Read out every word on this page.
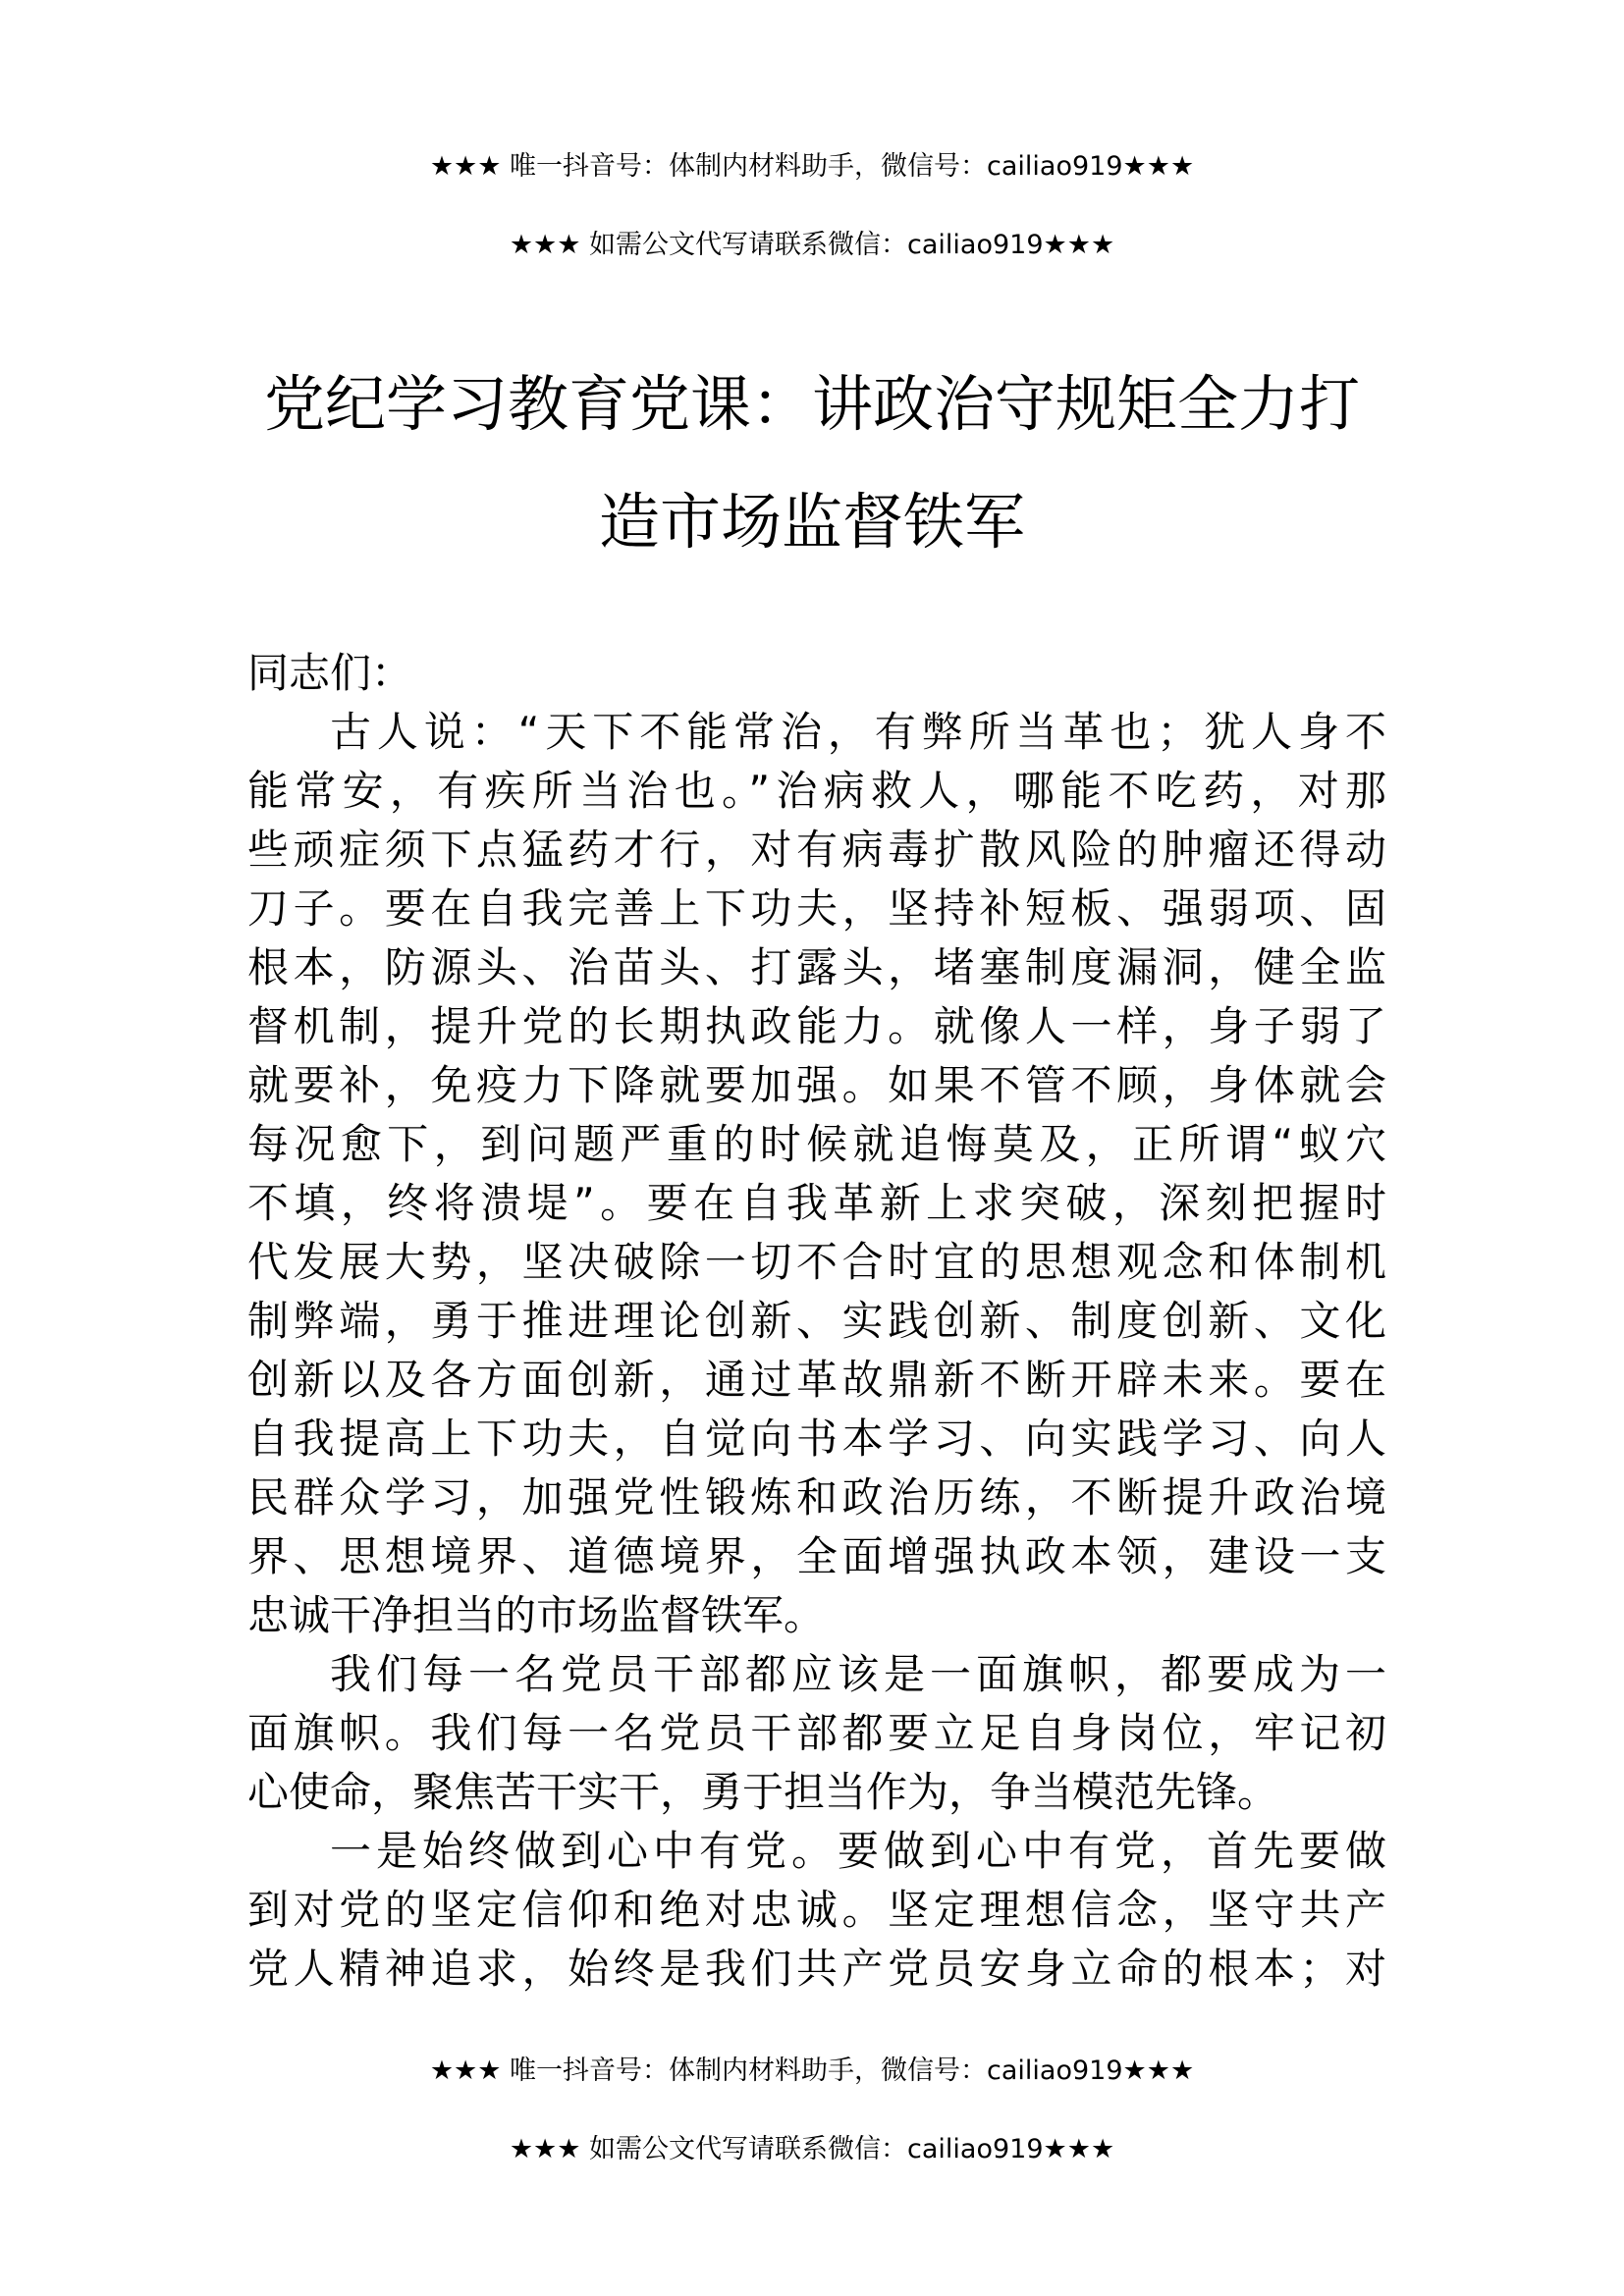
★★★ 唯一抖音号：体制内材料助手，微信号：cailiao919★★★
★★★ 如需公文代写请联系微信：cailiao919★★★
党纪学习教育党课：讲政治守规矩全力打
造市场监督铁军
同志们：
古人说：“天下不能常治，有弊所当革也；犹人身不
能常安，有疾所当治也。”治病救人，哪能不吃药，对那
些顽症须下点猛药才行，对有病毒扩散风险的肿瘤还得动
刀子。要在自我完善上下功夫，坚持补短板、强弱项、固
根本，防源头、治苗头、打露头，堵塞制度漏洞，健全监
督机制，提升党的长期执政能力。就像人一样，身子弱了
就要补，免疫力下降就要加强。如果不管不顾，身体就会
每况愈下，到问题严重的时候就追悔莫及，正所谓“蚁穴
不填，终将溃堤”。要在自我革新上求突破，深刻把握时
代发展大势，坚决破除一切不合时宜的思想观念和体制机
制弊端，勇于推进理论创新、实践创新、制度创新、文化
创新以及各方面创新，通过革故鼎新不断开辟未来。要在
自我提高上下功夫，自觉向书本学习、向实践学习、向人
民群众学习，加强党性锻炼和政治历练，不断提升政治境
界、思想境界、道德境界，全面增强执政本领，建设一支
忠诚干净担当的市场监督铁军。
我们每一名党员干部都应该是一面旗帜，都要成为一
面旗帜。我们每一名党员干部都要立足自身岗位，牢记初
心使命，聚焦苦干实干，勇于担当作为，争当模范先锋。
一是始终做到心中有党。要做到心中有党，首先要做
到对党的坚定信仰和绝对忠诚。坚定理想信念，坚守共产
党人精神追求，始终是我们共产党员安身立命的根本；对
★★★ 唯一抖音号：体制内材料助手，微信号：cailiao919★★★
★★★ 如需公文代写请联系微信：cailiao919★★★
